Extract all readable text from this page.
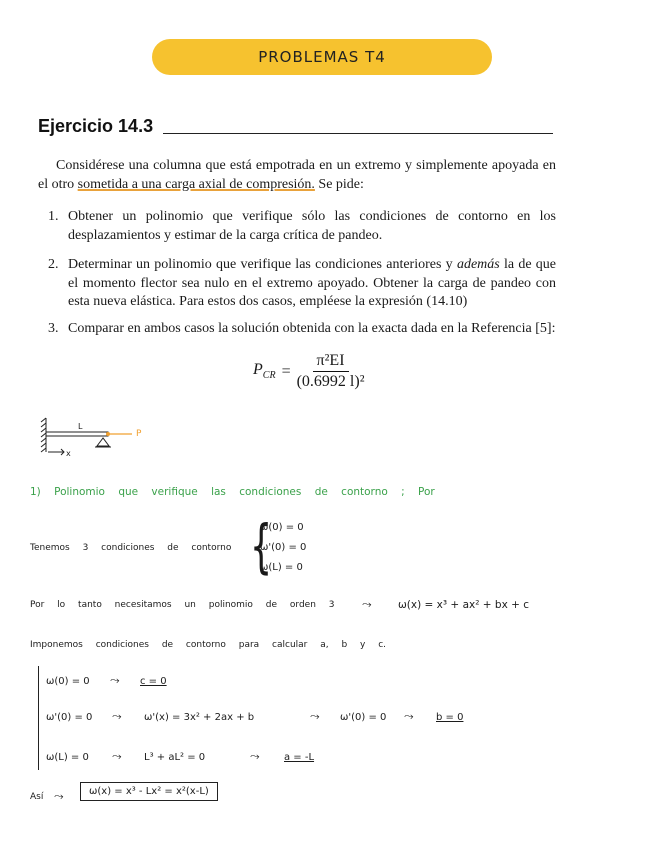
PROBLEMAS T4
Ejercicio 14.3
Considérese una columna que está empotrada en un extremo y simplemente apoyada en el otro sometida a una carga axial de compresión. Se pide:
1. Obtener un polinomio que verifique sólo las condiciones de contorno en los desplazamientos y estimar de la carga crítica de pandeo.
2. Determinar un polinomio que verifique las condiciones anteriores y además la de que el momento flector sea nulo en el extremo apoyado. Obtener la carga de pandeo con esta nueva elástica. Para estos dos casos, empléese la expresión (14.10)
3. Comparar en ambos casos la solución obtenida con la exacta dada en la Referencia [5]:
$P_{CR} = \frac{\text{π²EI}}{\text{(0.6992 l)²}}$
L
P
x
1) Polinomio que verifique las condiciones de contorno ; Por
Tenemos 3 condiciones de contorno {
ω(0) = 0
ω'(0) = 0
ω(L) = 0
Por lo tanto necesitamos un polinomio de orden 3 ⤳	ω(x) = x³ + ax² + bx + c
Imponemos condiciones de contorno para calcular a, b y c.
ω(0) = 0 ⤳ c = 0
ω'(0) = 0 ⤳ ω'(x) = 3x² + 2ax + b	⤳ ω'(0) = 0 ⤳ b = 0
ω(L) = 0 ⤳ L³ + aL² = 0	⤳ a = -L
Así ⤳	ω(x) = x³ - Lx² = x²(x-L)
